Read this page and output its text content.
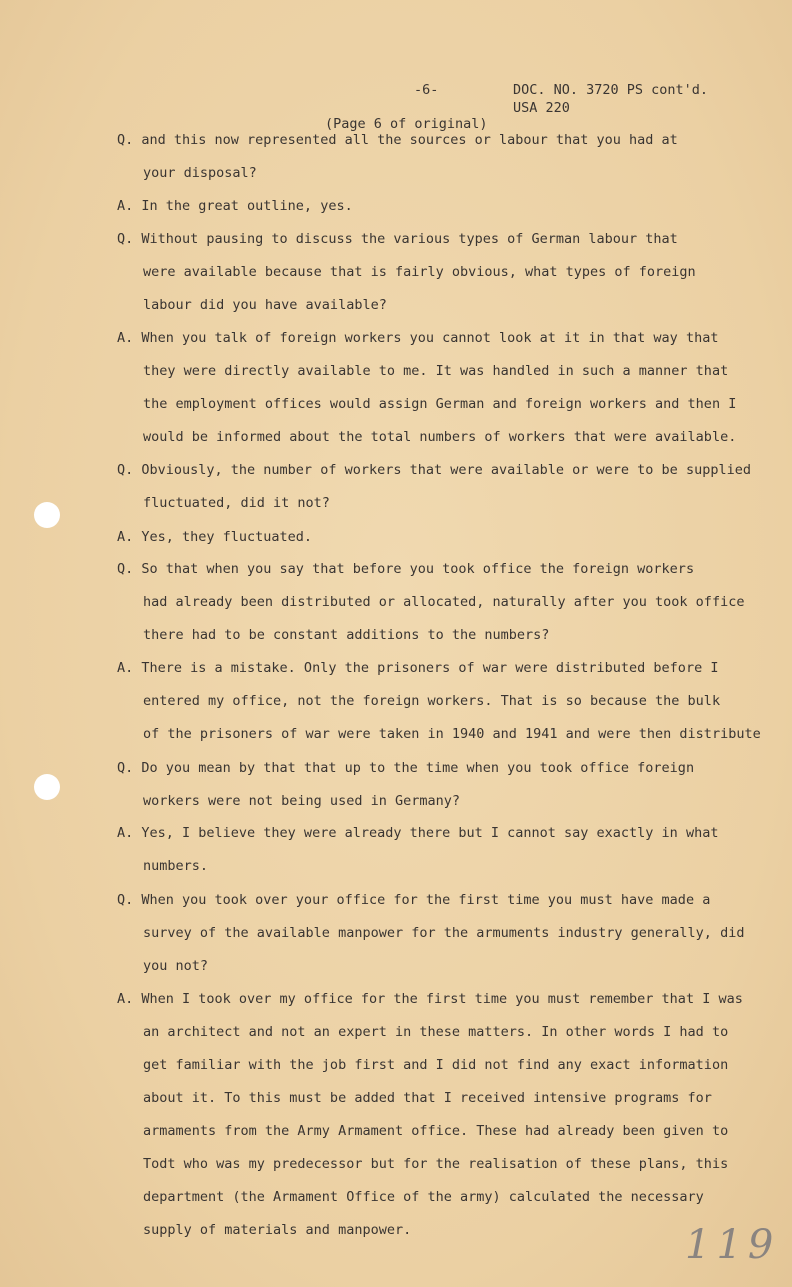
-6-	DOC. NO. 3720 PS cont'd.
USA 220
(Page 6 of original)
Q. and this now represented all the sources or labour that you had at
your disposal?
A. In the great outline, yes.
Q. Without pausing to discuss the various types of German labour that
were available because that is fairly obvious, what types of foreign
labour did you have available?
A. When you talk of foreign workers you cannot look at it in that way that
they were directly available to me. It was handled in such a manner that
the employment offices would assign German and foreign workers and then I
would be informed about the total numbers of workers that were available.
Q. Obviously, the number of workers that were available or were to be supplied
fluctuated, did it not?
A. Yes, they fluctuated.
Q. So that when you say that before you took office the foreign workers
had already been distributed or allocated, naturally after you took office
there had to be constant additions to the numbers?
A. There is a mistake. Only the prisoners of war were distributed before I
entered my office, not the foreign workers. That is so because the bulk
of the prisoners of war were taken in 1940 and 1941 and were then distribute
Q. Do you mean by that that up to the time when you took office foreign
workers were not being used in Germany?
A. Yes, I believe they were already there but I cannot say exactly in what
numbers.
Q. When you took over your office for the first time you must have made a
survey of the available manpower for the armuments industry generally, did
you not?
A. When I took over my office for the first time you must remember that I was
an architect and not an expert in these matters. In other words I had to
get familiar with the job first and I did not find any exact information
about it. To this must be added that I received intensive programs for
armaments from the Army Armament office. These had already been given to
Todt who was my predecessor but for the realisation of these plans, this
department (the Armament Office of the army) calculated the necessary
supply of materials and manpower.	119
